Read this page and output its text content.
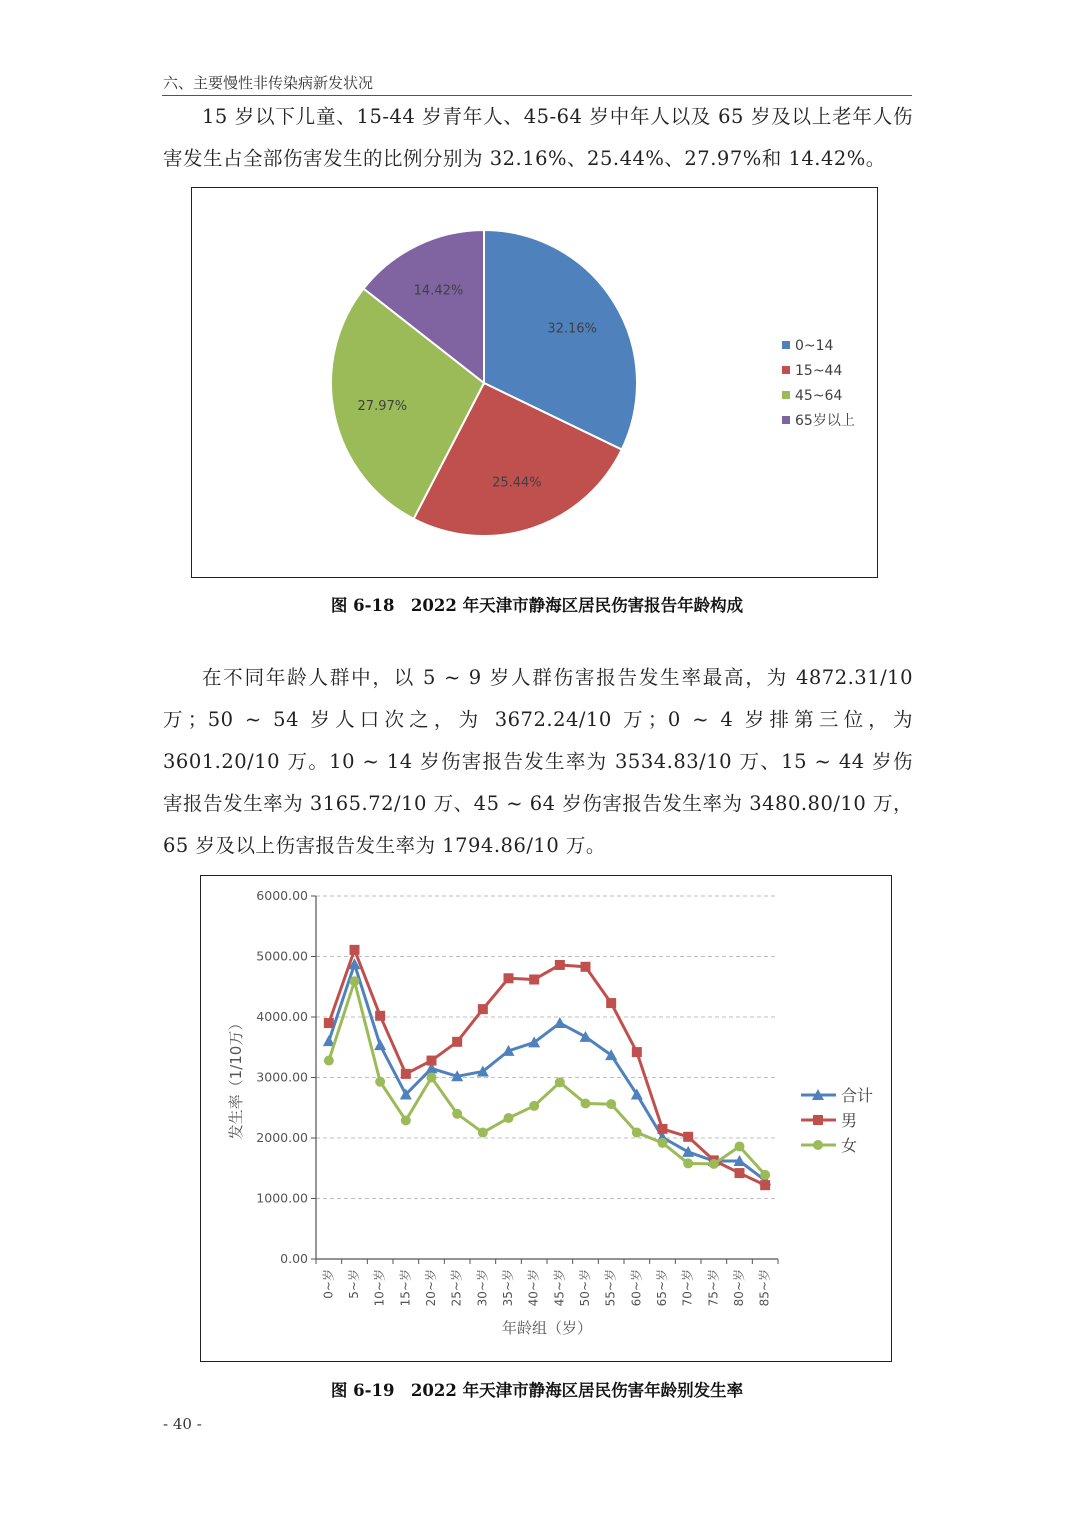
六、主要慢性非传染病新发状况
15 岁以下儿童、15-44 岁青年人、45-64 岁中年人以及 65 岁及以上老年人伤害发生占全部伤害发生的比例分别为 32.16%、25.44%、27.97%和 14.42%。
32.16%
25.44%
27.97%
14.42%
0~14
15~44
45~64
65岁以上
图 6-18　2022 年天津市静海区居民伤害报告年龄构成
在不同年龄人群中，以 5 ~ 9 岁人群伤害报告发生率最高，为 4872.31/10 万；50 ~ 54 岁人口次之，为 3672.24/10 万；0 ~ 4 岁排第三位，为 3601.20/10 万。10 ~ 14 岁伤害报告发生率为 3534.83/10 万、15 ~ 44 岁伤害报告发生率为 3165.72/10 万、45 ~ 64 岁伤害报告发生率为 3480.80/10 万，65 岁及以上伤害报告发生率为 1794.86/10 万。
0.00
1000.00
2000.00
3000.00
4000.00
5000.00
6000.00
0~岁 5~岁 10~岁 15~岁 20~岁 25~岁 30~岁 35~岁 40~岁 45~岁 50~岁 55~岁 60~岁 65~岁 70~岁 75~岁 80~岁 85~岁
发生率（1/10万）
年龄组（岁）
合计
男
女
图 6-19　2022 年天津市静海区居民伤害年龄别发生率
- 40 -
